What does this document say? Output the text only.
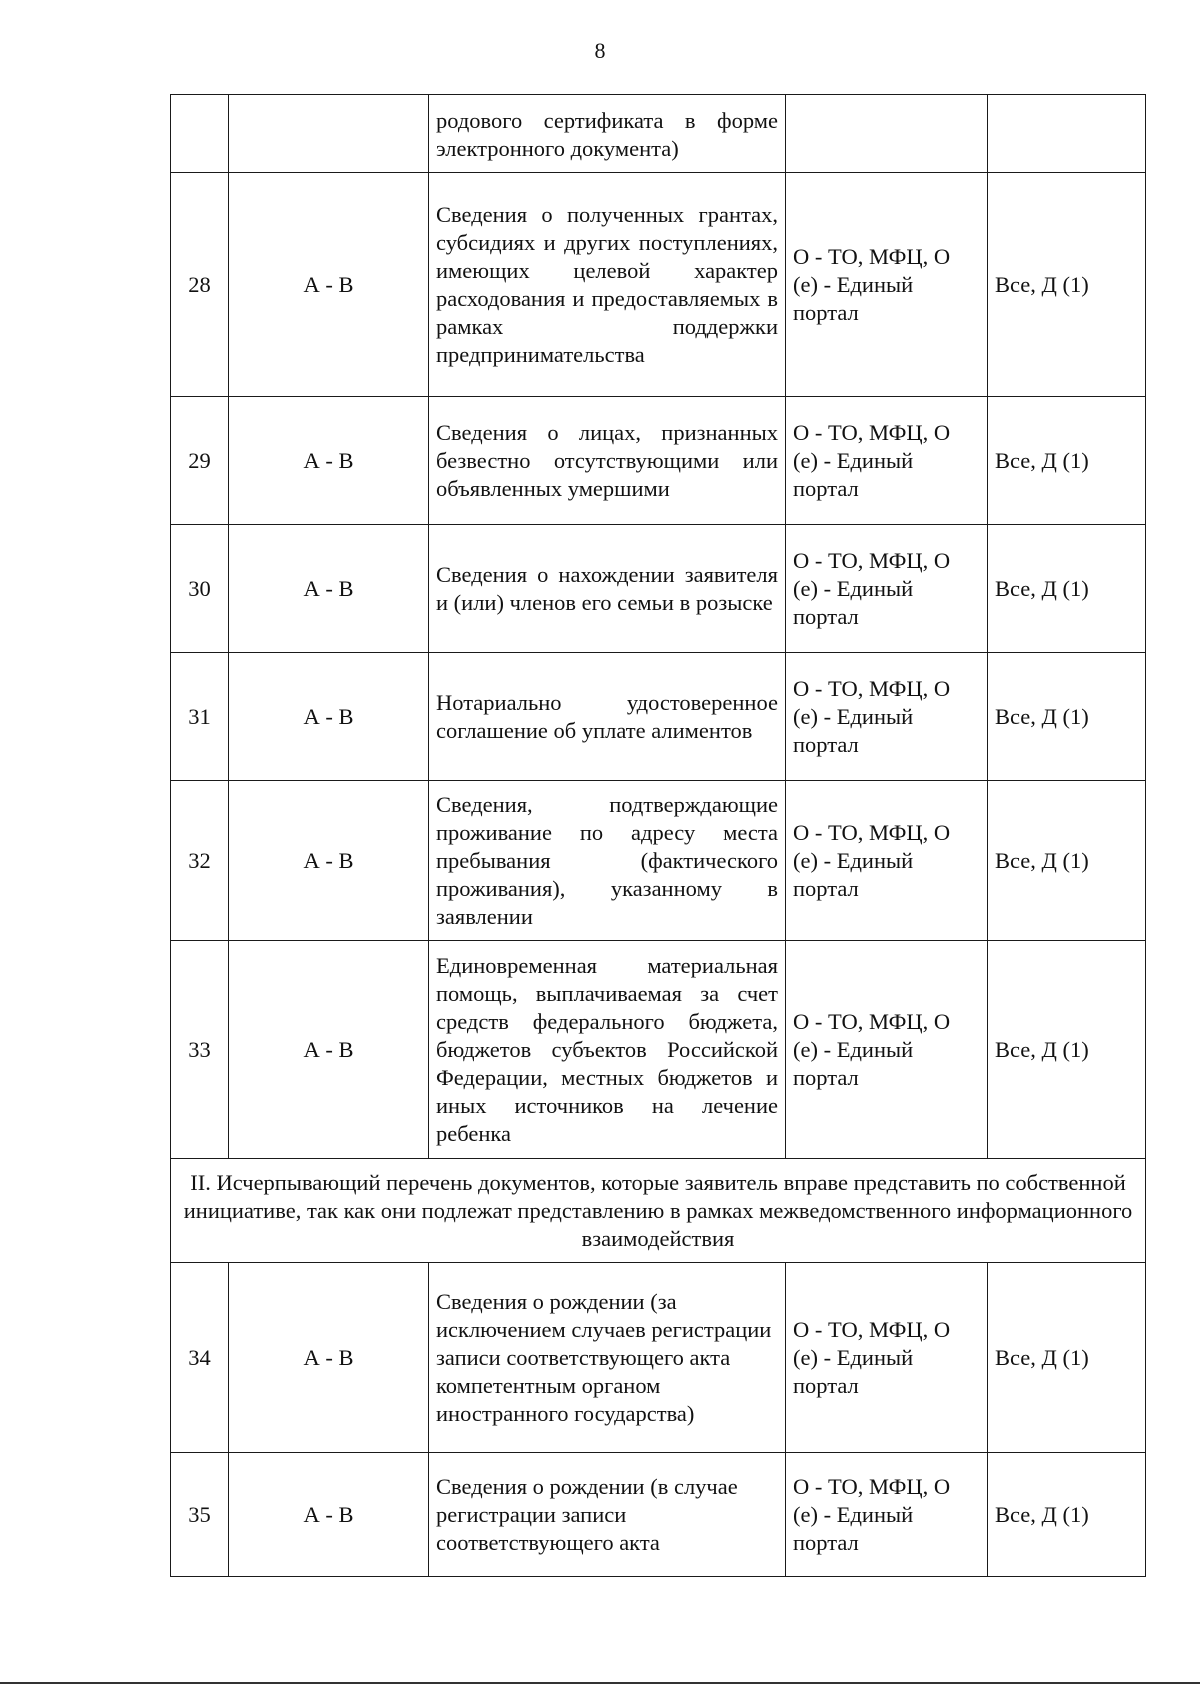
8
		родового сертификата в форме электронного документа)		
28	А - В	Сведения о полученных грантах, субсидиях и других поступлениях, имеющих целевой характер расходования и предоставляемых в рамках поддержки предпринимательства	О - ТО, МФЦ, О (е) - Единый портал	Все, Д (1)
29	А - В	Сведения о лицах, признанных безвестно отсутствующими или объявленных умершими	О - ТО, МФЦ, О (е) - Единый портал	Все, Д (1)
30	А - В	Сведения о нахождении заявителя и (или) членов его семьи в розыске	О - ТО, МФЦ, О (е) - Единый портал	Все, Д (1)
31	А - В	Нотариально удостоверенное соглашение об уплате алиментов	О - ТО, МФЦ, О (е) - Единый портал	Все, Д (1)
32	А - В	Сведения, подтверждающие проживание по адресу места пребывания (фактического проживания), указанному в заявлении	О - ТО, МФЦ, О (е) - Единый портал	Все, Д (1)
33	А - В	Единовременная материальная помощь, выплачиваемая за счет средств федерального бюджета, бюджетов субъектов Российской Федерации, местных бюджетов и иных источников на лечение ребенка	О - ТО, МФЦ, О (е) - Единый портал	Все, Д (1)
II. Исчерпывающий перечень документов, которые заявитель вправе представить по собственной инициативе, так как они подлежат представлению в рамках межведомственного информационного взаимодействия				
34	А - В	Сведения о рождении (за исключением случаев регистрации записи соответствующего акта компетентным органом иностранного государства)	О - ТО, МФЦ, О (е) - Единый портал	Все, Д (1)
35	А - В	Сведения о рождении (в случае регистрации записи соответствующего акта	О - ТО, МФЦ, О (е) - Единый портал	Все, Д (1)
